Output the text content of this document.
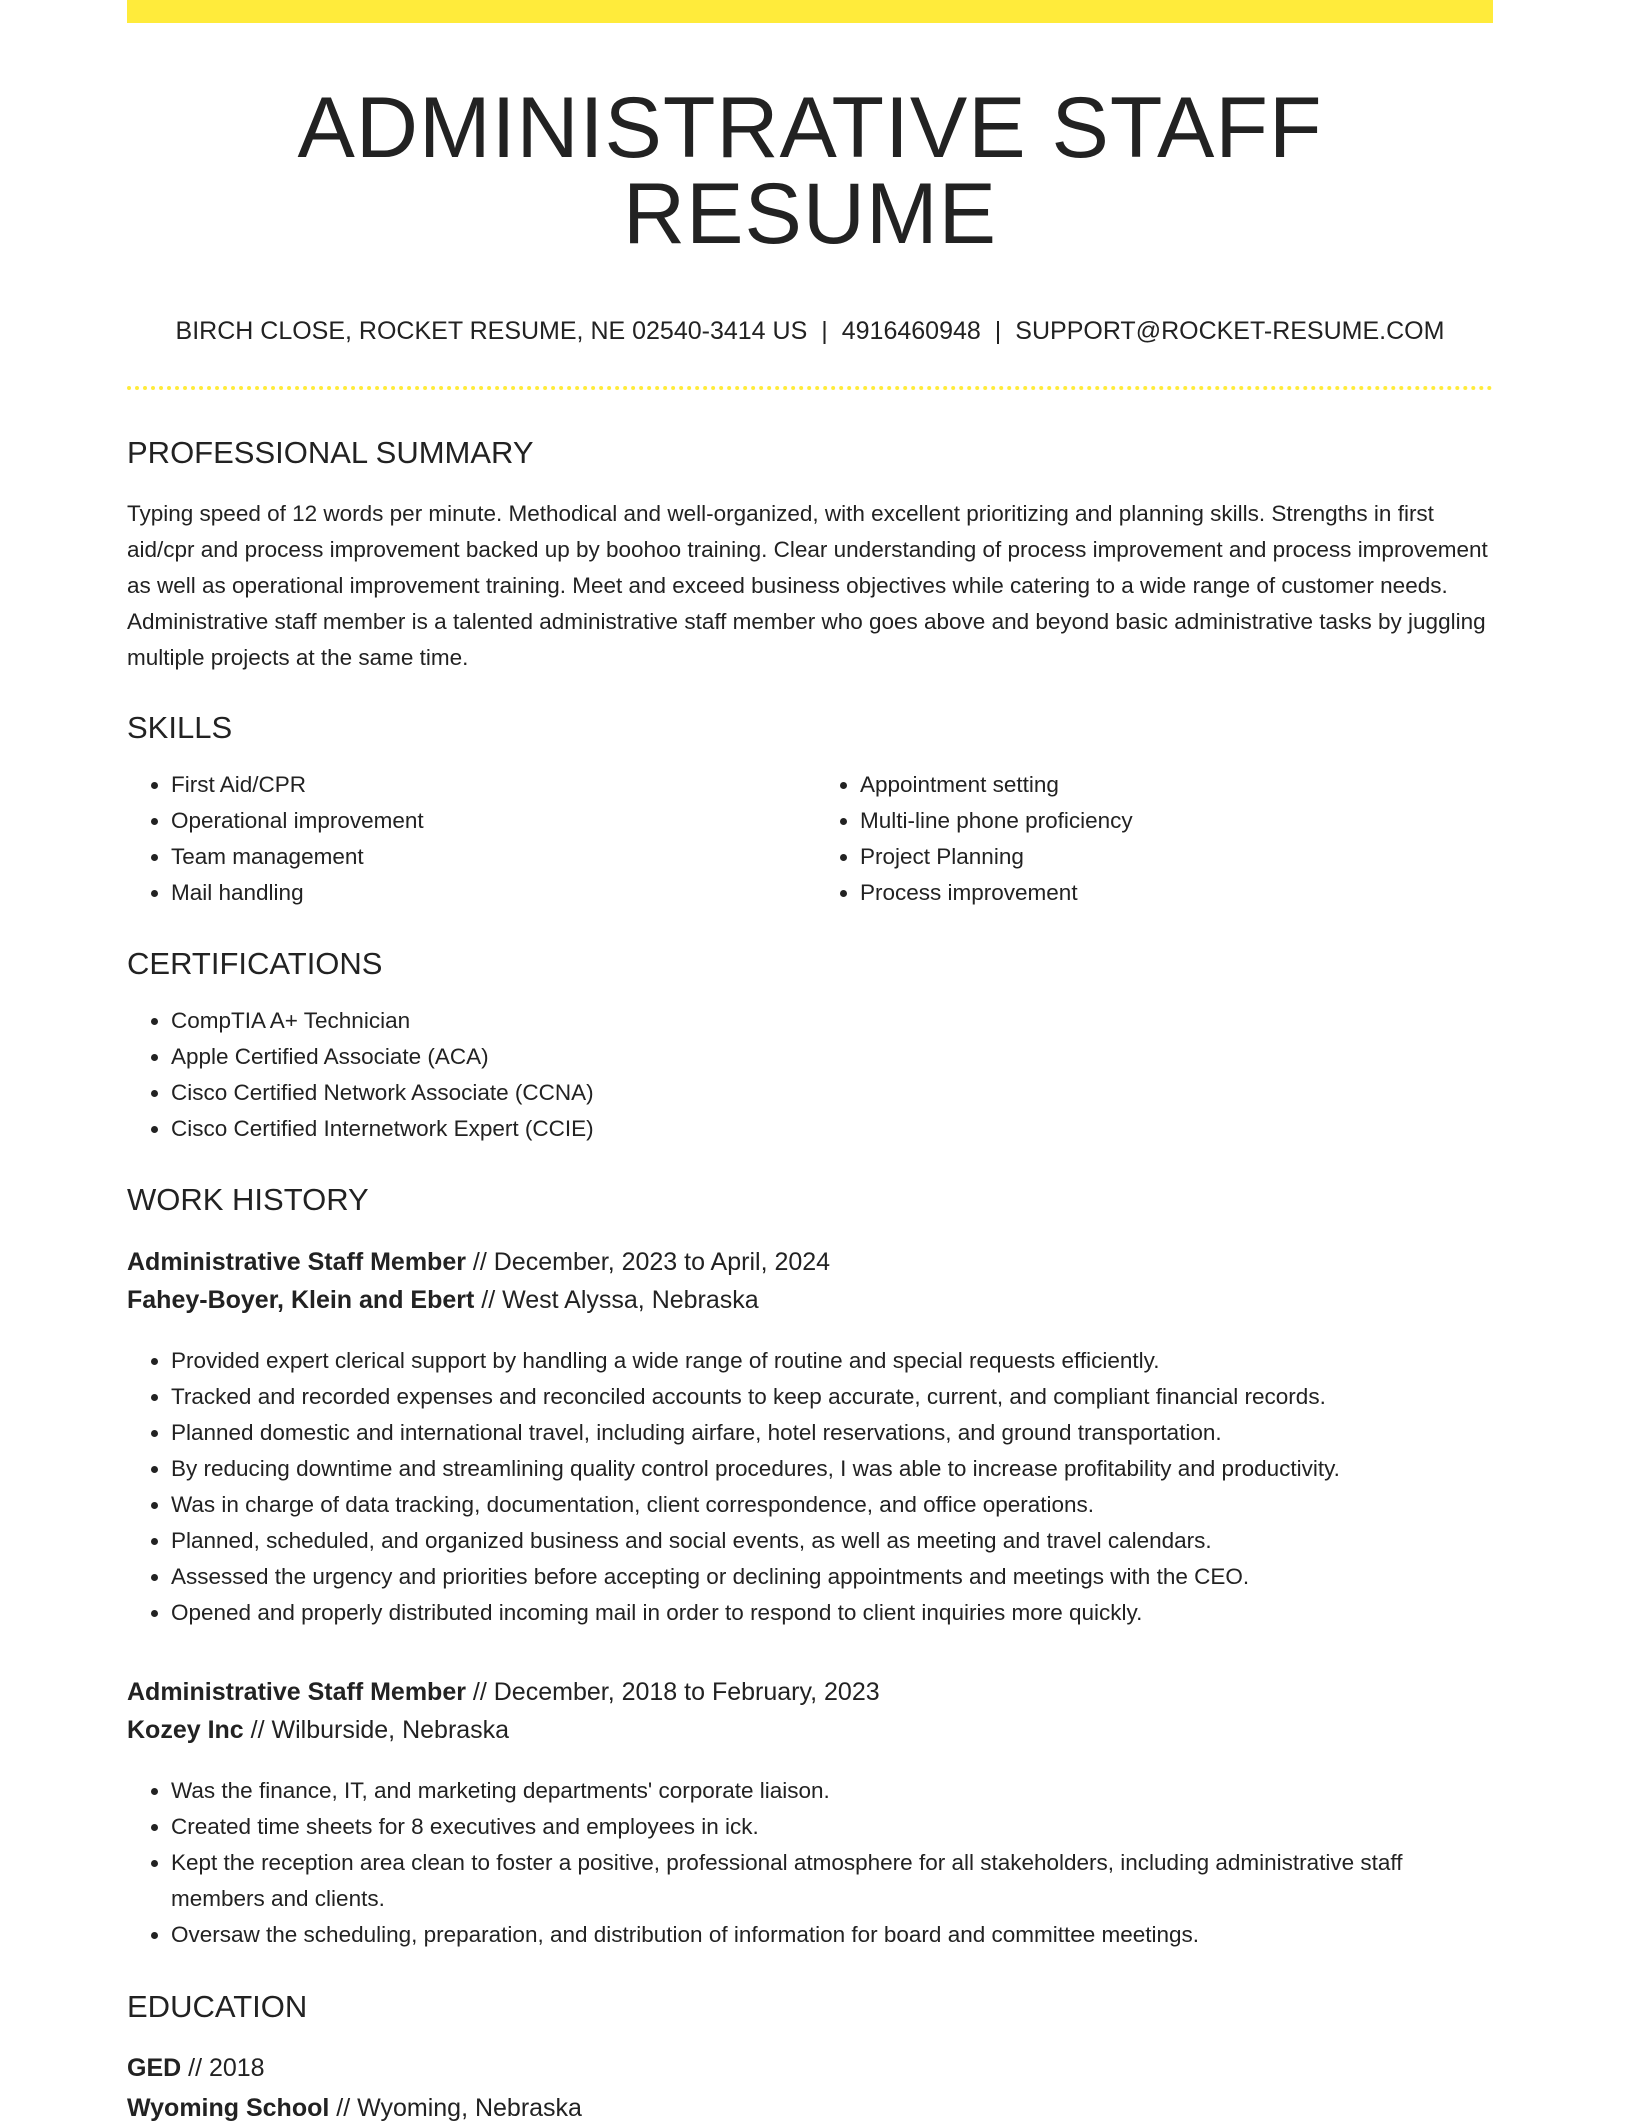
ADMINISTRATIVE STAFF RESUME
BIRCH CLOSE, ROCKET RESUME, NE 02540-3414 US | 4916460948 | SUPPORT@ROCKET-RESUME.COM
PROFESSIONAL SUMMARY

Typing speed of 12 words per minute. Methodical and well-organized, with excellent prioritizing and planning skills. Strengths in first aid/cpr and process improvement backed up by boohoo training. Clear understanding of process improvement and process improvement as well as operational improvement training. Meet and exceed business objectives while catering to a wide range of customer needs. Administrative staff member is a talented administrative staff member who goes above and beyond basic administrative tasks by juggling multiple projects at the same time.

SKILLS
• First Aid/CPR
• Operational improvement
• Team management
• Mail handling
• Appointment setting
• Multi-line phone proficiency
• Project Planning
• Process improvement
CERTIFICATIONS
• CompTIA A+ Technician
• Apple Certified Associate (ACA)
• Cisco Certified Network Associate (CCNA)
• Cisco Certified Internetwork Expert (CCIE)
WORK HISTORY
Administrative Staff Member // December, 2023 to April, 2024
Fahey-Boyer, Klein and Ebert // West Alyssa, Nebraska
• Provided expert clerical support by handling a wide range of routine and special requests efficiently.
• Tracked and recorded expenses and reconciled accounts to keep accurate, current, and compliant financial records.
• Planned domestic and international travel, including airfare, hotel reservations, and ground transportation.
• By reducing downtime and streamlining quality control procedures, I was able to increase profitability and productivity.
• Was in charge of data tracking, documentation, client correspondence, and office operations.
• Planned, scheduled, and organized business and social events, as well as meeting and travel calendars.
• Assessed the urgency and priorities before accepting or declining appointments and meetings with the CEO.
• Opened and properly distributed incoming mail in order to respond to client inquiries more quickly.
Administrative Staff Member // December, 2018 to February, 2023
Kozey Inc // Wilburside, Nebraska
• Was the finance, IT, and marketing departments' corporate liaison.
• Created time sheets for 8 executives and employees in ick.
• Kept the reception area clean to foster a positive, professional atmosphere for all stakeholders, including administrative staff members and clients.
• Oversaw the scheduling, preparation, and distribution of information for board and committee meetings.
EDUCATION
GED // 2018
Wyoming School // Wyoming, Nebraska
